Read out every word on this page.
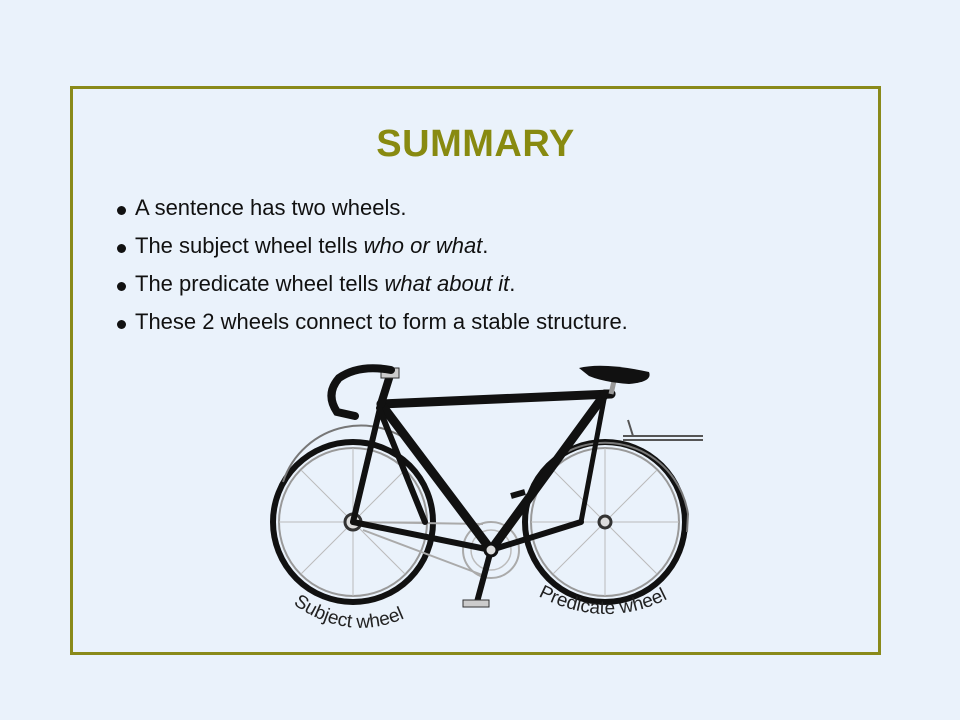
SUMMARY
A sentence has two wheels.
The subject wheel tells who or what.
The predicate wheel tells what about it.
These 2 wheels connect to form a stable structure.
Subject wheel
Predicate wheel
